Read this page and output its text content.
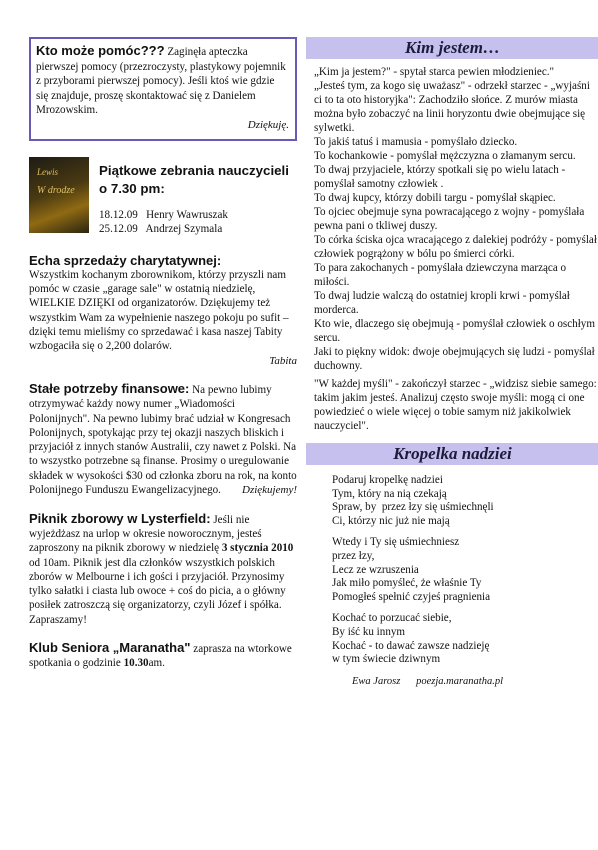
Kto może pomóc??? Zaginęła apteczka pierwszej pomocy (przezroczysty, plastykowy pojemnik z przyborami pierwszej pomocy). Jeśli ktoś wie gdzie się znajduje, proszę skontaktować się z Danielem Mrozowskim.
Dziękuję.
Lewis
W drodze
Piątkowe zebrania nauczycieli o 7.30 pm:
18.12.09   Henry Wawruszak
25.12.09   Andrzej Szymala
Echa sprzedaży charytatywnej:

Wszystkim kochanym zborownikom, którzy przyszli nam pomóc w czasie „garage sale" w ostatnią niedzielę, WIELKIE DZIĘKI od organizatorów. Dziękujemy też wszystkim Wam za wypełnienie naszego pokoju po sufit – dzięki temu mieliśmy co sprzedawać i kasa naszej Tabity wzbogaciła się o 2,200 dolarów.

Tabita

Stałe potrzeby finansowe: Na pewno lubimy otrzymywać każdy nowy numer „Wiadomości Polonijnych". Na pewno lubimy brać udział w Kongresach Polonijnych, spotykając przy tej okazji naszych bliskich i przyjaciół z innych stanów Australii, czy nawet z Polski. Na to wszystko potrzebne są finanse. Prosimy o uregulowanie składek w wysokości $30 od członka zboru na rok, na konto Polonijnego Funduszu Ewangelizacyjnego.	Dziękujemy!

Piknik zborowy w Lysterfield: Jeśli nie wyjeżdżasz na urlop w okresie noworocznym, jesteś zaproszony na piknik zborowy w niedzielę 3 stycznia 2010 od 10am. Piknik jest dla członków wszystkich polskich zborów w Melbourne i ich gości i przyjaciół. Przynosimy tylko sałatki i ciasta lub owoce + coś do picia, a o główny posiłek zatroszczą się organizatorzy, czyli Józef i spółka. Zapraszamy!

Klub Seniora „Maranatha" zaprasza na wtorkowe spotkania o godzinie 10.30am.

Kim jestem…

„Kim ja jestem?" - spytał starca pewien młodzieniec."

„Jesteś tym, za kogo się uważasz" - odrzekł starzec - „wyjaśni ci to ta oto historyjka": Zachodziło słońce. Z murów miasta można było zobaczyć na linii horyzontu dwie obejmujące się sylwetki.

To jakiś tatuś i mamusia - pomyślało dziecko.

To kochankowie - pomyślał mężczyzna o złamanym sercu.

To dwaj przyjaciele, którzy spotkali się po wielu latach - pomyślał samotny człowiek .

To dwaj kupcy, którzy dobili targu - pomyślał skąpiec.

To ojciec obejmuje syna powracającego z wojny - pomyślała pewna pani o tkliwej duszy.

To córka ściska ojca wracającego z dalekiej podróży - pomyślał człowiek pogrążony w bólu po śmierci córki.

To para zakochanych - pomyślała dziewczyna marząca o miłości.

To dwaj ludzie walczą do ostatniej kropli krwi - pomyślał morderca.

Kto wie, dlaczego się obejmują - pomyślał człowiek o oschłym sercu.

Jaki to piękny widok: dwoje obejmujących się ludzi - pomyślał duchowny.

"W każdej myśli" - zakończył starzec - „widzisz siebie samego: takim jakim jesteś. Analizuj często swoje myśli: mogą ci one powiedzieć o wiele więcej o tobie samym niż jakikolwiek nauczyciel".

Kropelka nadziei
Podaruj kropelkę nadziei
Tym, który na nią czekają
Spraw, by  przez łzy się uśmiechnęli
Ci, którzy nic już nie mają
Wtedy i Ty się uśmiechniesz
przez łzy,
Lecz ze wzruszenia
Jak miło pomyśleć, że właśnie Ty
Pomogłeś spełnić czyjeś pragnienia
Kochać to porzucać siebie,
By iść ku innym
Kochać - to dawać zawsze nadzieję
w tym świecie dziwnym
Ewa Jarosz poezja.maranatha.pl
